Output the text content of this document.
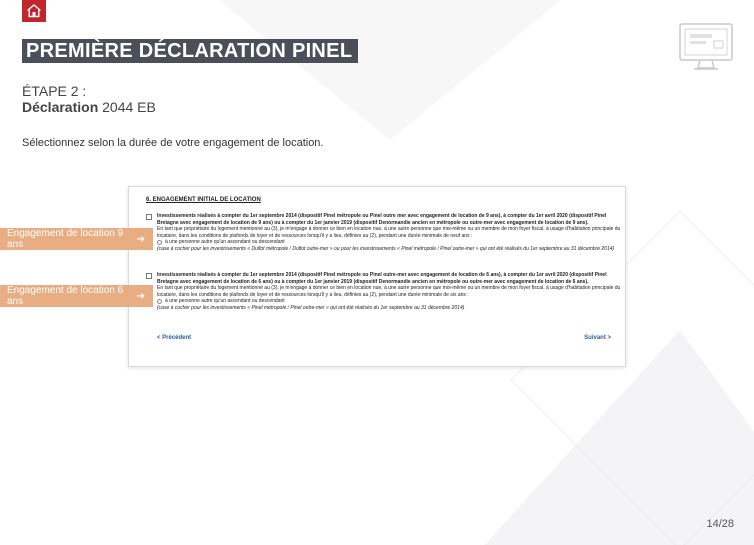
PREMIÈRE DÉCLARATION PINEL
ÉTAPE 2 :
Déclaration 2044 EB
Sélectionnez selon la durée de votre engagement de location.
6. ENGAGEMENT INITIAL DE LOCATION
Investissements réalisés à compter du 1er septembre 2014 (dispositif Pinel métropole ou Pinel outre mer avec engagement de location de 9 ans), à compter du 1er avril 2020 (dispositif Pinel Bretagne avec engagement de location de 9 ans) ou à compter du 1er janvier 2019 (dispositif Denormandie ancien en métropole ou outre-mer avec engagement de location de 9 ans).
En tant que propriétaire du logement mentionné au (3), je m'engage à donner ce bien en location nue, à une autre personne que moi-même ou un membre de mon foyer fiscal, à usage d'habitation principale du locataire, dans les conditions de plafonds de loyer et de ressources lorsqu'il y a lieu, définies au (2), pendant une durée minimale de neuf ans :
à une personne autre qu'un ascendant ou descendant
(case à cocher pour les investissements « Duflot métropole / Duflot outre-mer » ou pour les investissements « Pinel métropole / Pinel outre-mer » qui ont été réalisés du 1er septembre au 31 décembre 2014)
Investissements réalisés à compter du 1er septembre 2014 (dispositif Pinel métropole ou Pinel outre-mer avec engagement de location de 6 ans), à compter du 1er avril 2020 (dispositif Pinel Bretagne avec engagement de location de 6 ans) ou à compter du 1er janvier 2019 (dispositif Denormandie ancien en métropole ou outre-mer avec engagement de location de 6 ans).
En tant que propriétaire du logement mentionné au (3), je m'engage à donner ce bien en location nue, à une autre personne que moi-même ou un membre de mon foyer fiscal, à usage d'habitation principale du locataire, dans les conditions de plafonds de loyer et de ressources lorsqu'il y a lieu, définies au (2), pendant une durée minimale de six ans :
à une personne autre qu'un ascendant ou descendant
(case à cocher pour les investissements « Pinel métropole / Pinel outre-mer » qui ont été réalisés du 1er septembre au 31 décembre 2014)
< Précédent	Suivant >
Engagement de location 9 ans	➔
Engagement de location 6 ans	➔
14/28
